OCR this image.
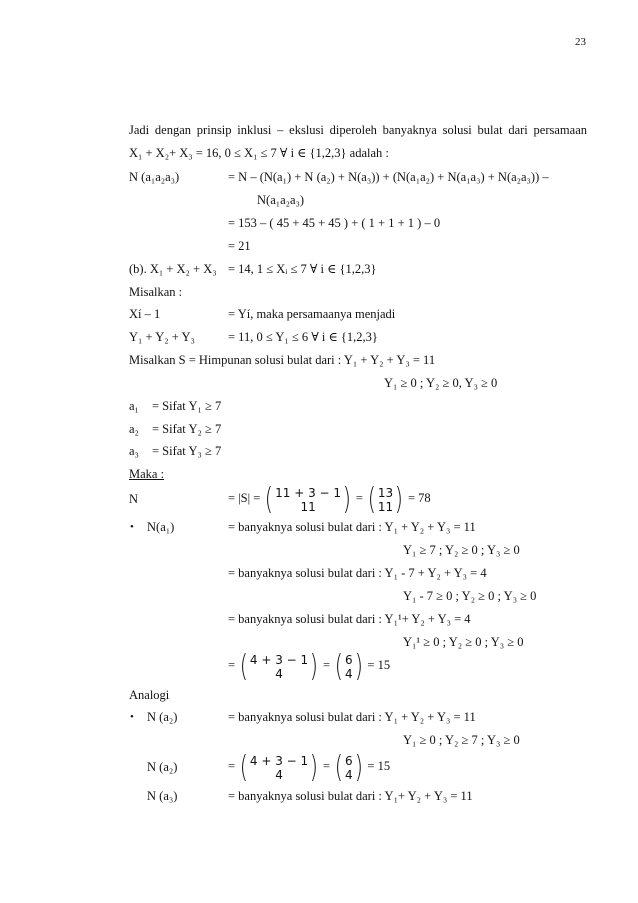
23
Jadi dengan prinsip inklusi – ekslusi diperoleh banyaknya solusi bulat dari persamaan
X₁ + X₂+ X₃ = 16, 0 ≤ X₁ ≤ 7 ∀ i ∈ {1,2,3} adalah :
N (a₁a₂a₃)	= N – (N(a₁) + N (a₂) + N(a₃)) + (N(a₁a₂) + N(a₁a₃) + N(a₂a₃)) –
N(a₁a₂a₃)
= 153 – ( 45 + 45 + 45 ) + ( 1 + 1 + 1 ) – 0
= 21
(b). X₁ + X₂ + X₃ = 14, 1 ≤ Xᵢ ≤ 7 ∀ i ∈ {1,2,3}
Misalkan :
Xí – 1	= Yí, maka persamaanya menjadi
Y₁ + Y₂ + Y₃	= 11, 0 ≤ Y₁ ≤ 6 ∀ i ∈ {1,2,3}
Misalkan S = Himpunan solusi bulat dari : Y₁ + Y₂ + Y₃ = 11
Y₁ ≥ 0 ; Y₂ ≥ 0, Y₃ ≥ 0
a₁ = Sifat Y₁ ≥ 7
a₂ = Sifat Y₂ ≥ 7
a₃ = Sifat Y₃ ≥ 7
Maka :
N	= |S| = ( 11 + 3 − 1
11 ) = ( 13
11 ) = 78
• N(a₁)	= banyaknya solusi bulat dari : Y₁ + Y₂ + Y₃ = 11
Y₁ ≥ 7 ; Y₂ ≥ 0 ; Y₃ ≥ 0
= banyaknya solusi bulat dari : Y₁ - 7 + Y₂ + Y₃ = 4
Y₁ - 7 ≥ 0 ; Y₂ ≥ 0 ; Y₃ ≥ 0
= banyaknya solusi bulat dari : Y₁¹+ Y₂ + Y₃ = 4
Y₁¹ ≥ 0 ; Y₂ ≥ 0 ; Y₃ ≥ 0
= ( 4 + 3 − 1
4 ) = ( 6
4 ) = 15
Analogi
• N (a₂)	= banyaknya solusi bulat dari : Y₁ + Y₂ + Y₃ = 11
Y₁ ≥ 0 ; Y₂ ≥ 7 ; Y₃ ≥ 0
N (a₂)	= ( 4 + 3 − 1
4 ) = ( 6
4 ) = 15
N (a₃)	= banyaknya solusi bulat dari : Y₁+ Y₂ + Y₃ = 11
